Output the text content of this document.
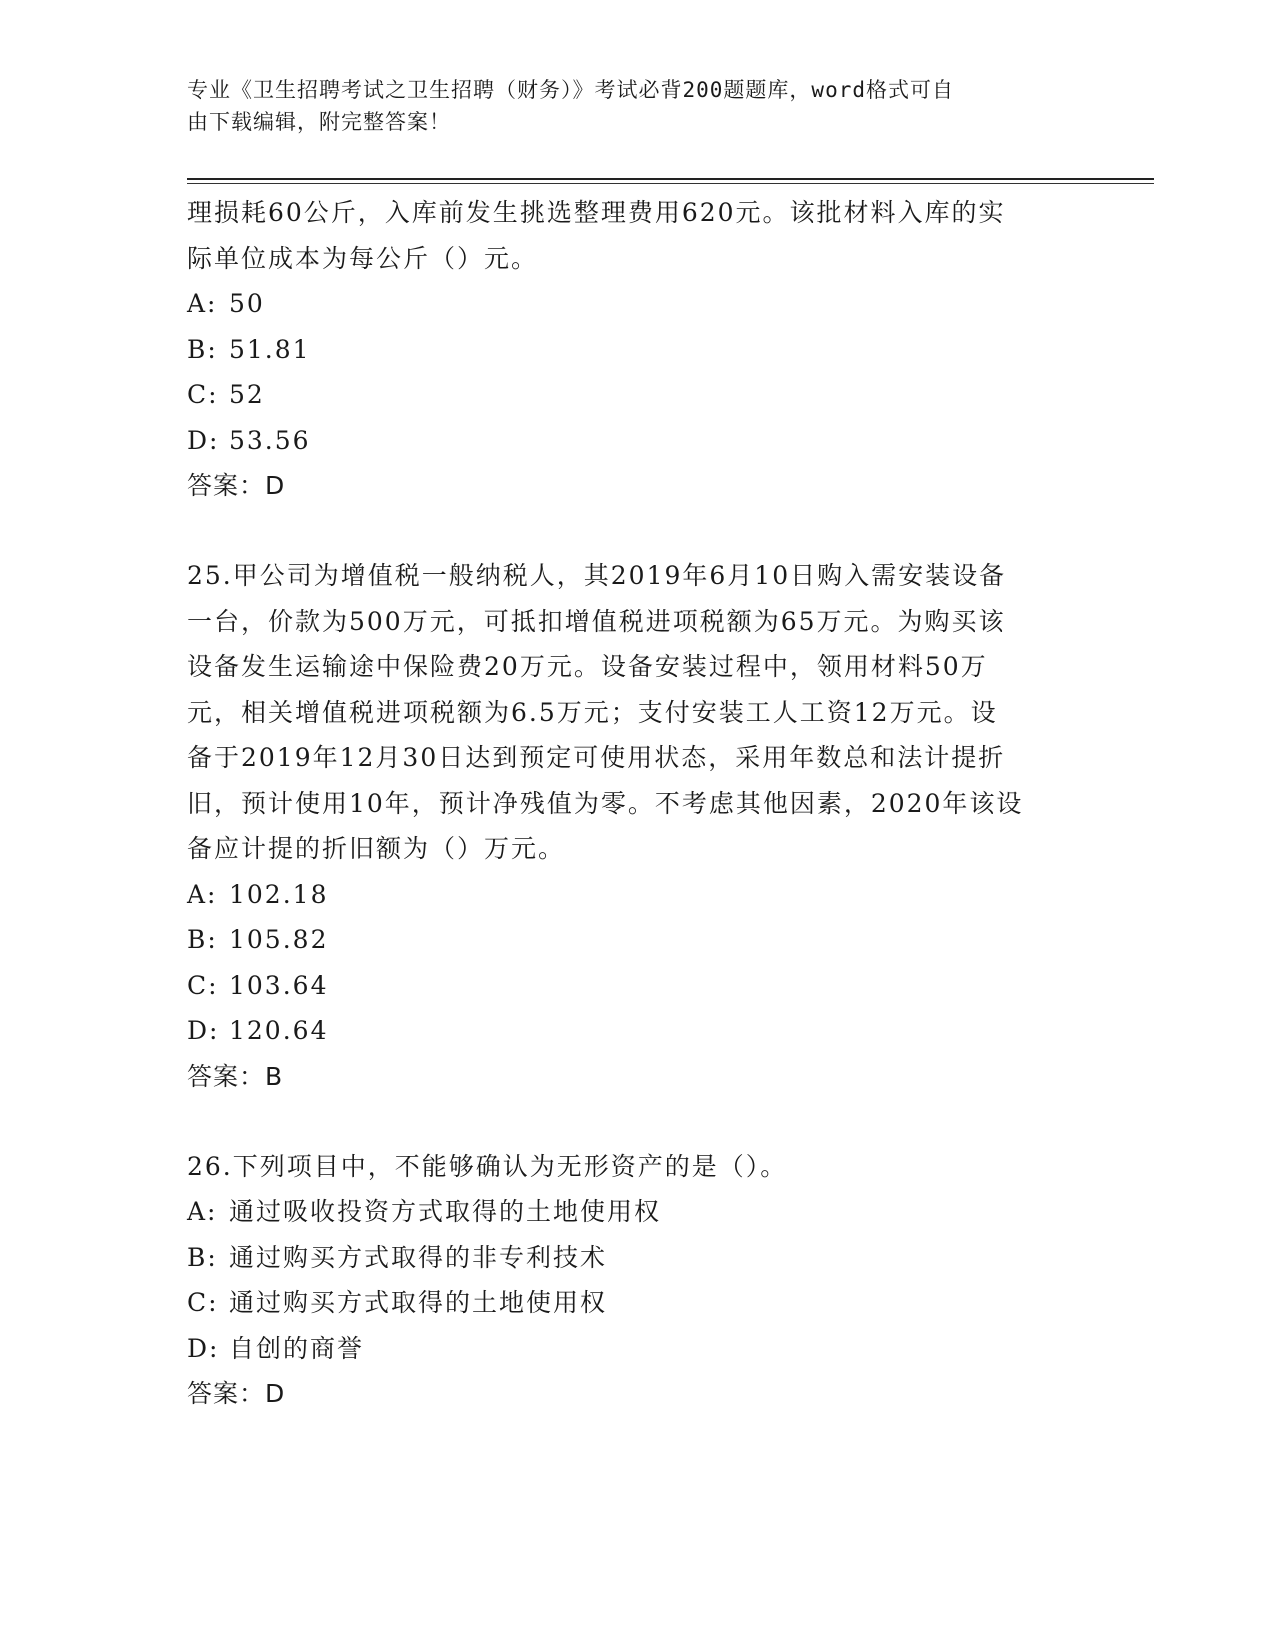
专业《卫生招聘考试之卫生招聘（财务）》考试必背200题题库，word格式可自
由下载编辑，附完整答案！

理损耗60公斤，入库前发生挑选整理费用620元。该批材料入库的实

际单位成本为每公斤（）元。

A: 50

B: 51.81

C: 52

D: 53.56

答案：D

25.甲公司为增值税一般纳税人，其2019年6月10日购入需安装设备

一台，价款为500万元，可抵扣增值税进项税额为65万元。为购买该

设备发生运输途中保险费20万元。设备安装过程中，领用材料50万

元，相关增值税进项税额为6.5万元；支付安装工人工资12万元。设

备于2019年12月30日达到预定可使用状态，采用年数总和法计提折

旧，预计使用10年，预计净残值为零。不考虑其他因素，2020年该设

备应计提的折旧额为（）万元。

A: 102.18

B: 105.82

C: 103.64

D: 120.64

答案：B

26.下列项目中，不能够确认为无形资产的是（）。

A: 通过吸收投资方式取得的土地使用权

B: 通过购买方式取得的非专利技术

C: 通过购买方式取得的土地使用权

D: 自创的商誉

答案：D
